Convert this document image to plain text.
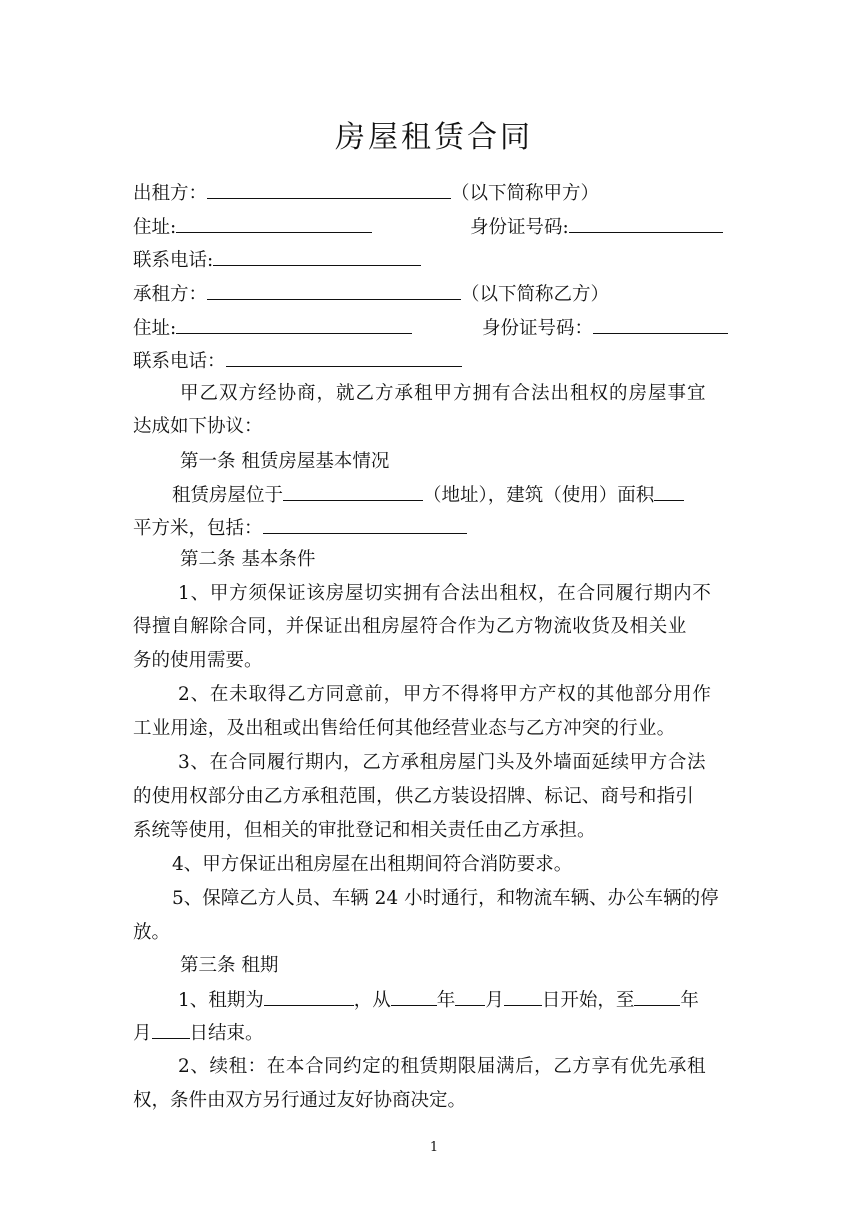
房屋租赁合同
出租方：	（以下简称甲方）
住址:	身份证号码:
联系电话:
承租方：	（以下简称乙方）
住址:	身份证号码：
联系电话：
甲乙双方经协商，就乙方承租甲方拥有合法出租权的房屋事宜
达成如下协议：
第一条 租赁房屋基本情况
租赁房屋位于	（地址），建筑（使用）面积
平方米，包括：
第二条 基本条件
1、甲方须保证该房屋切实拥有合法出租权，在合同履行期内不
得擅自解除合同，并保证出租房屋符合作为乙方物流收货及相关业
务的使用需要。
2、在未取得乙方同意前，甲方不得将甲方产权的其他部分用作
工业用途，及出租或出售给任何其他经营业态与乙方冲突的行业。
3、在合同履行期内，乙方承租房屋门头及外墙面延续甲方合法
的使用权部分由乙方承租范围，供乙方装设招牌、标记、商号和指引
系统等使用，但相关的审批登记和相关责任由乙方承担。
4、甲方保证出租房屋在出租期间符合消防要求。
5、保障乙方人员、车辆 24 小时通行，和物流车辆、办公车辆的停
放。
第三条 租期
1、租期为	，从 年 月 日开始，至 年
月 日结束。
2、续租：在本合同约定的租赁期限届满后，乙方享有优先承租
权，条件由双方另行通过友好协商决定。
1
